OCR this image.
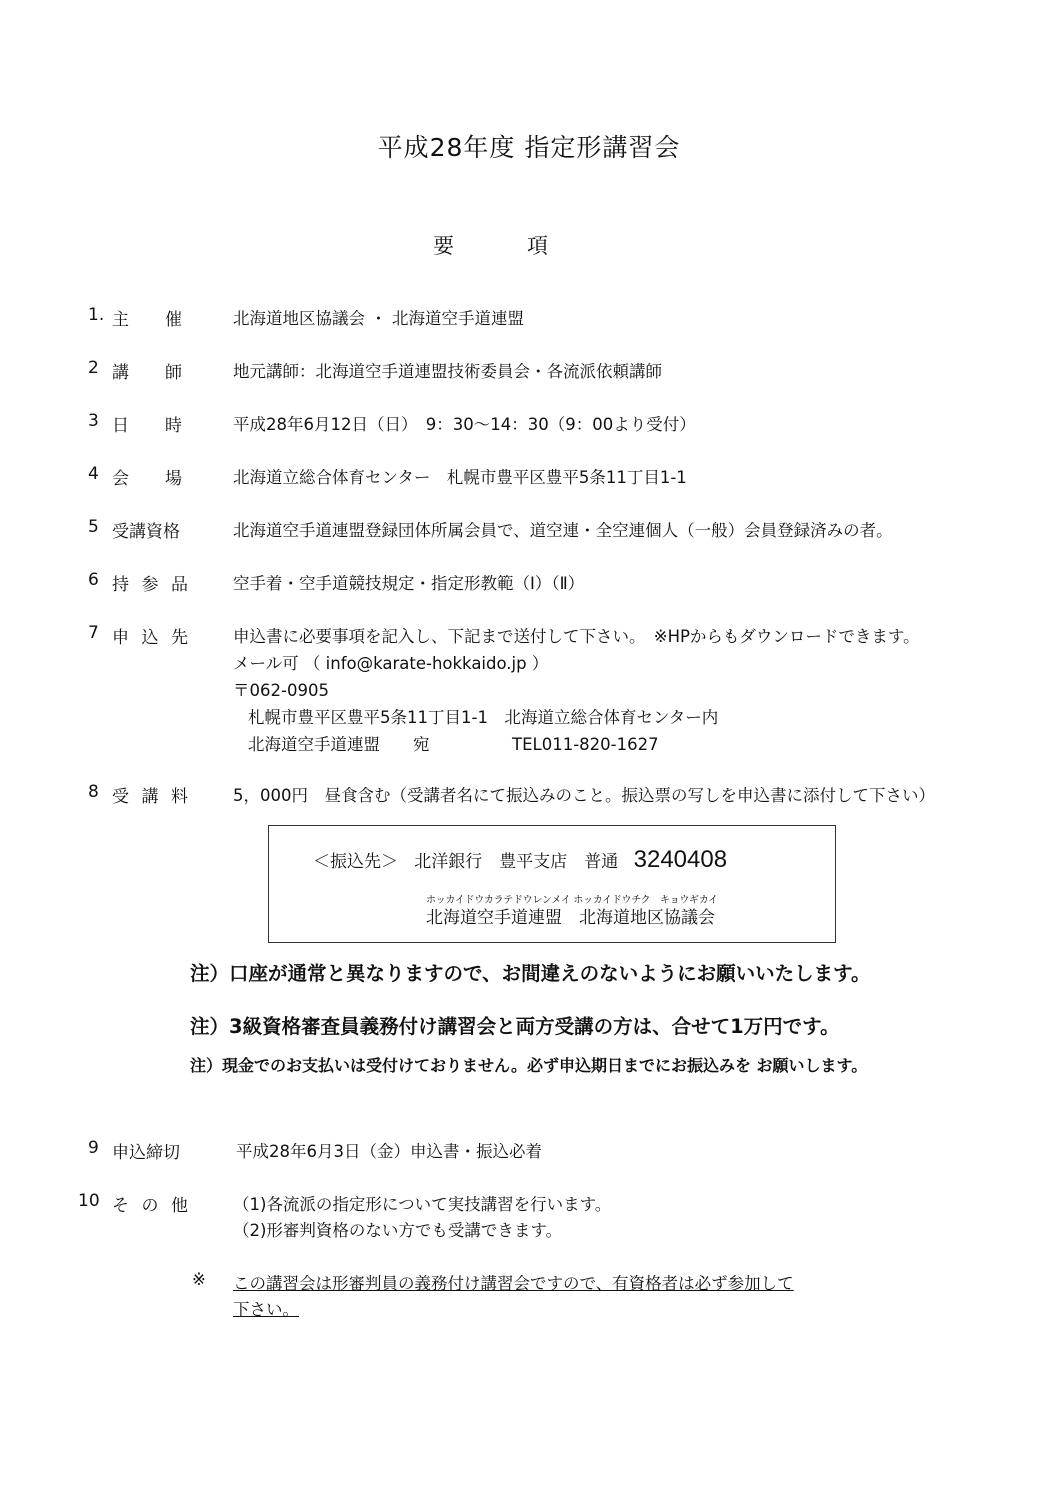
平成28年度 指定形講習会
要	項
1. 主 催	北海道地区協議会 ・ 北海道空手道連盟
2 講 師	地元講師：北海道空手道連盟技術委員会・各流派依頼講師
3 日 時	平成28年6月12日（日）　9：30～14：30（9：00より受付）
4 会 場	北海道立総合体育センター　札幌市豊平区豊平5条11丁目1-1
5 受講資格	北海道空手道連盟登録団体所属会員で、道空連・全空連個人（一般）会員登録済みの者。
6 持 参 品	空手着・空手道競技規定・指定形教範（Ⅰ）（Ⅱ）
7 申 込 先	申込書に必要事項を記入し、下記まで送付して下さい。　※HPからもダウンロードできます。
メール可 （ info@karate-hokkaido.jp ）
〒062-0905
札幌市豊平区豊平5条11丁目1-1　北海道立総合体育センター内
北海道空手道連盟　　宛　　　　　TEL011-820-1627
8 受 講 料	5，000円　昼食含む（受講者名にて振込みのこと。振込票の写しを申込書に添付して下さい）
＜振込先＞ 北洋銀行　豊平支店　普通 3240408
ホッカイドウカラテドウレンメイ ホッカイドウチク　キョウギカイ
北海道空手道連盟　北海道地区協議会
注）口座が通常と異なりますので、お間違えのないようにお願いいたします。
注）3級資格審査員義務付け講習会と両方受講の方は、合せて1万円です。
注）現金でのお支払いは受付けておりません。必ず申込期日までにお振込みを お願いします。
9 申込締切	平成28年6月3日（金）申込書・振込必着
10 そ の 他	（1)各流派の指定形について実技講習を行います。
（2)形審判資格のない方でも受講できます。
※ この講習会は形審判員の義務付け講習会ですので、有資格者は必ず参加して
下さい。
